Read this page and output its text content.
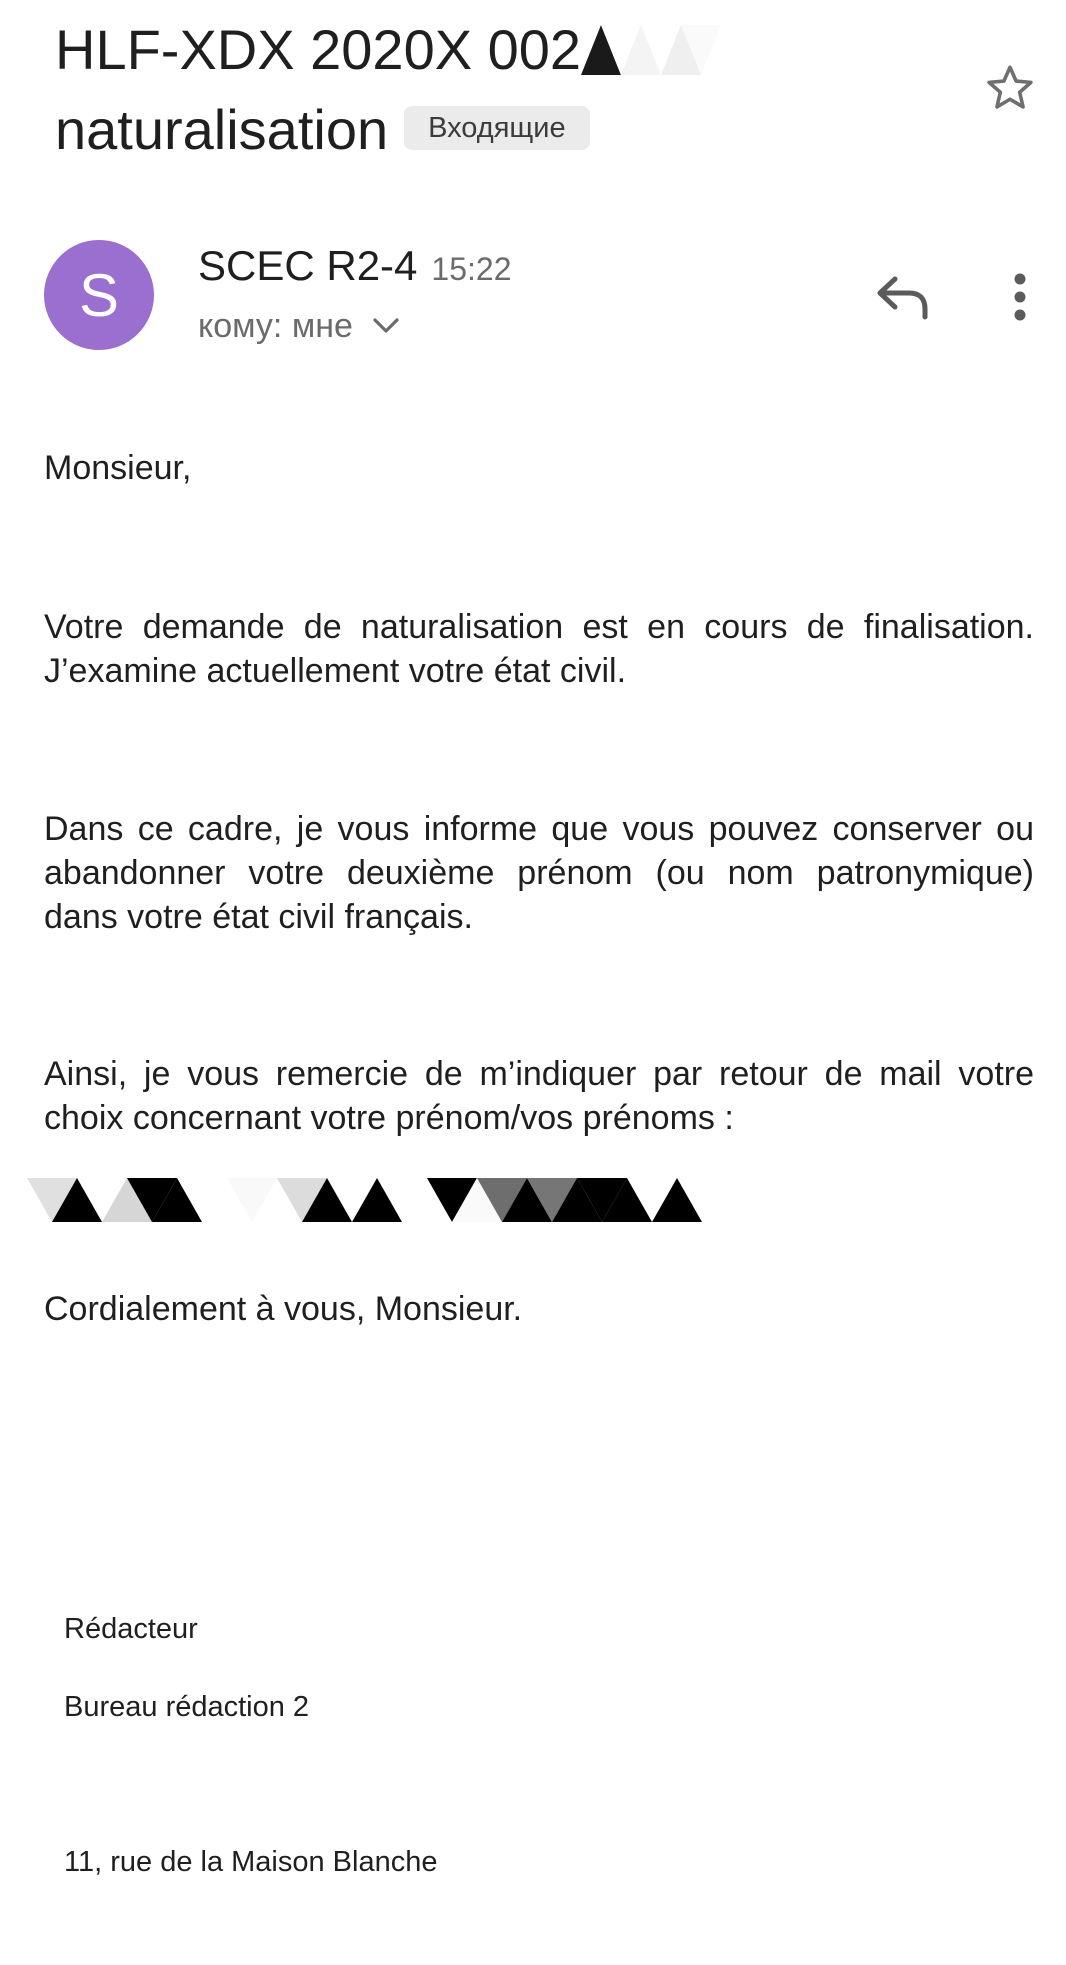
HLF-XDX 2020X 002
naturalisation Входящие
S SCEC R2-4 15:22
кому: мне

Monsieur,

Votre demande de naturalisation est en cours de finalisation. J’examine actuellement votre état civil.

Dans ce cadre, je vous informe que vous pouvez conserver ou abandonner votre deuxième prénom (ou nom patronymique) dans votre état civil français.

Ainsi, je vous remercie de m’indiquer par retour de mail votre choix concernant votre prénom/vos prénoms :

Cordialement à vous, Monsieur.

Rédacteur
Bureau rédaction 2
11, rue de la Maison Blanche
